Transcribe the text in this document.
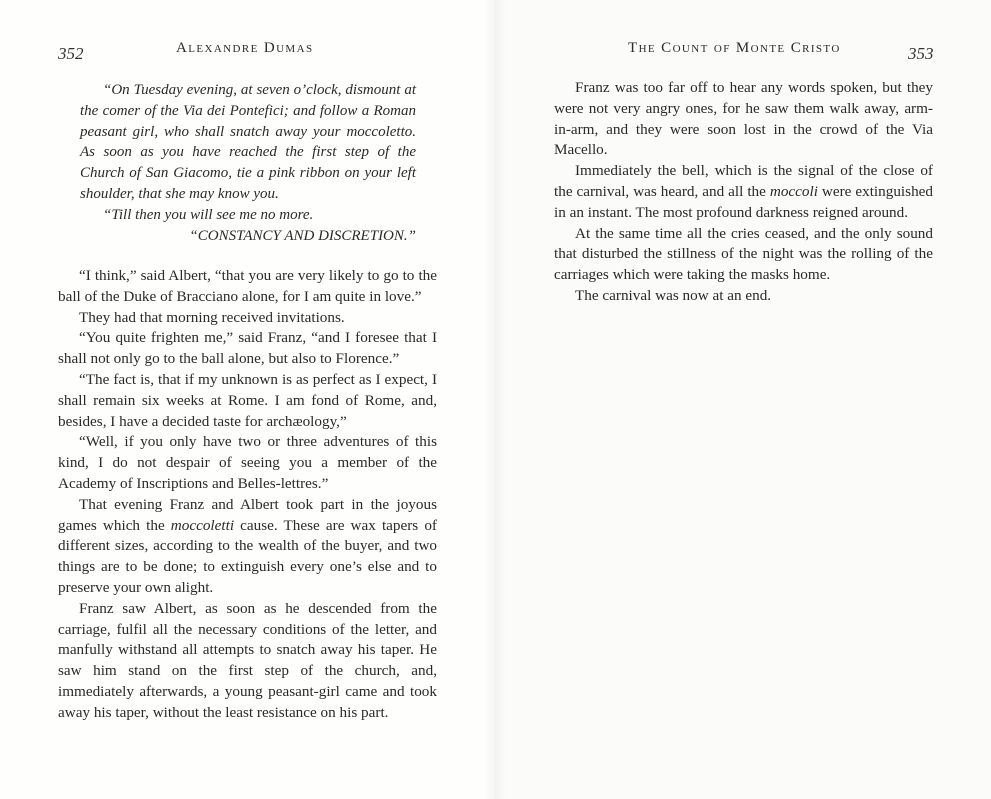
352	Alexandre Dumas

“On Tuesday evening, at seven o’clock, dismount at the comer of the Via dei Pontefici; and follow a Roman peasant girl, who shall snatch away your moccoletto. As soon as you have reached the first step of the Church of San Giacomo, tie a pink ribbon on your left shoulder, that she may know you.

“Till then you will see me no more.

“CONSTANCY AND DISCRETION.”

“I think,” said Albert, “that you are very likely to go to the ball of the Duke of Bracciano alone, for I am quite in love.”

They had that morning received invitations.

“You quite frighten me,” said Franz, “and I foresee that I shall not only go to the ball alone, but also to Florence.”

“The fact is, that if my unknown is as perfect as I expect, I shall remain six weeks at Rome. I am fond of Rome, and, besides, I have a decided taste for archæology,”

“Well, if you only have two or three adventures of this kind, I do not despair of seeing you a member of the Academy of Inscriptions and Belles-lettres.”

That evening Franz and Albert took part in the joyous games which the moccoletti cause. These are wax tapers of different sizes, according to the wealth of the buyer, and two things are to be done; to extinguish every one’s else and to preserve your own alight.

Franz saw Albert, as soon as he descended from the carriage, fulfil all the necessary conditions of the letter, and manfully withstand all attempts to snatch away his taper. He saw him stand on the first step of the church, and, immediately afterwards, a young peasant-girl came and took away his taper, without the least resistance on his part.

The Count of Monte Cristo	353

Franz was too far off to hear any words spoken, but they were not very angry ones, for he saw them walk away, arm-in-arm, and they were soon lost in the crowd of the Via Macello.

Immediately the bell, which is the signal of the close of the carnival, was heard, and all the moccoli were extinguished in an instant. The most profound darkness reigned around.

At the same time all the cries ceased, and the only sound that disturbed the stillness of the night was the rolling of the carriages which were taking the masks home.

The carnival was now at an end.
